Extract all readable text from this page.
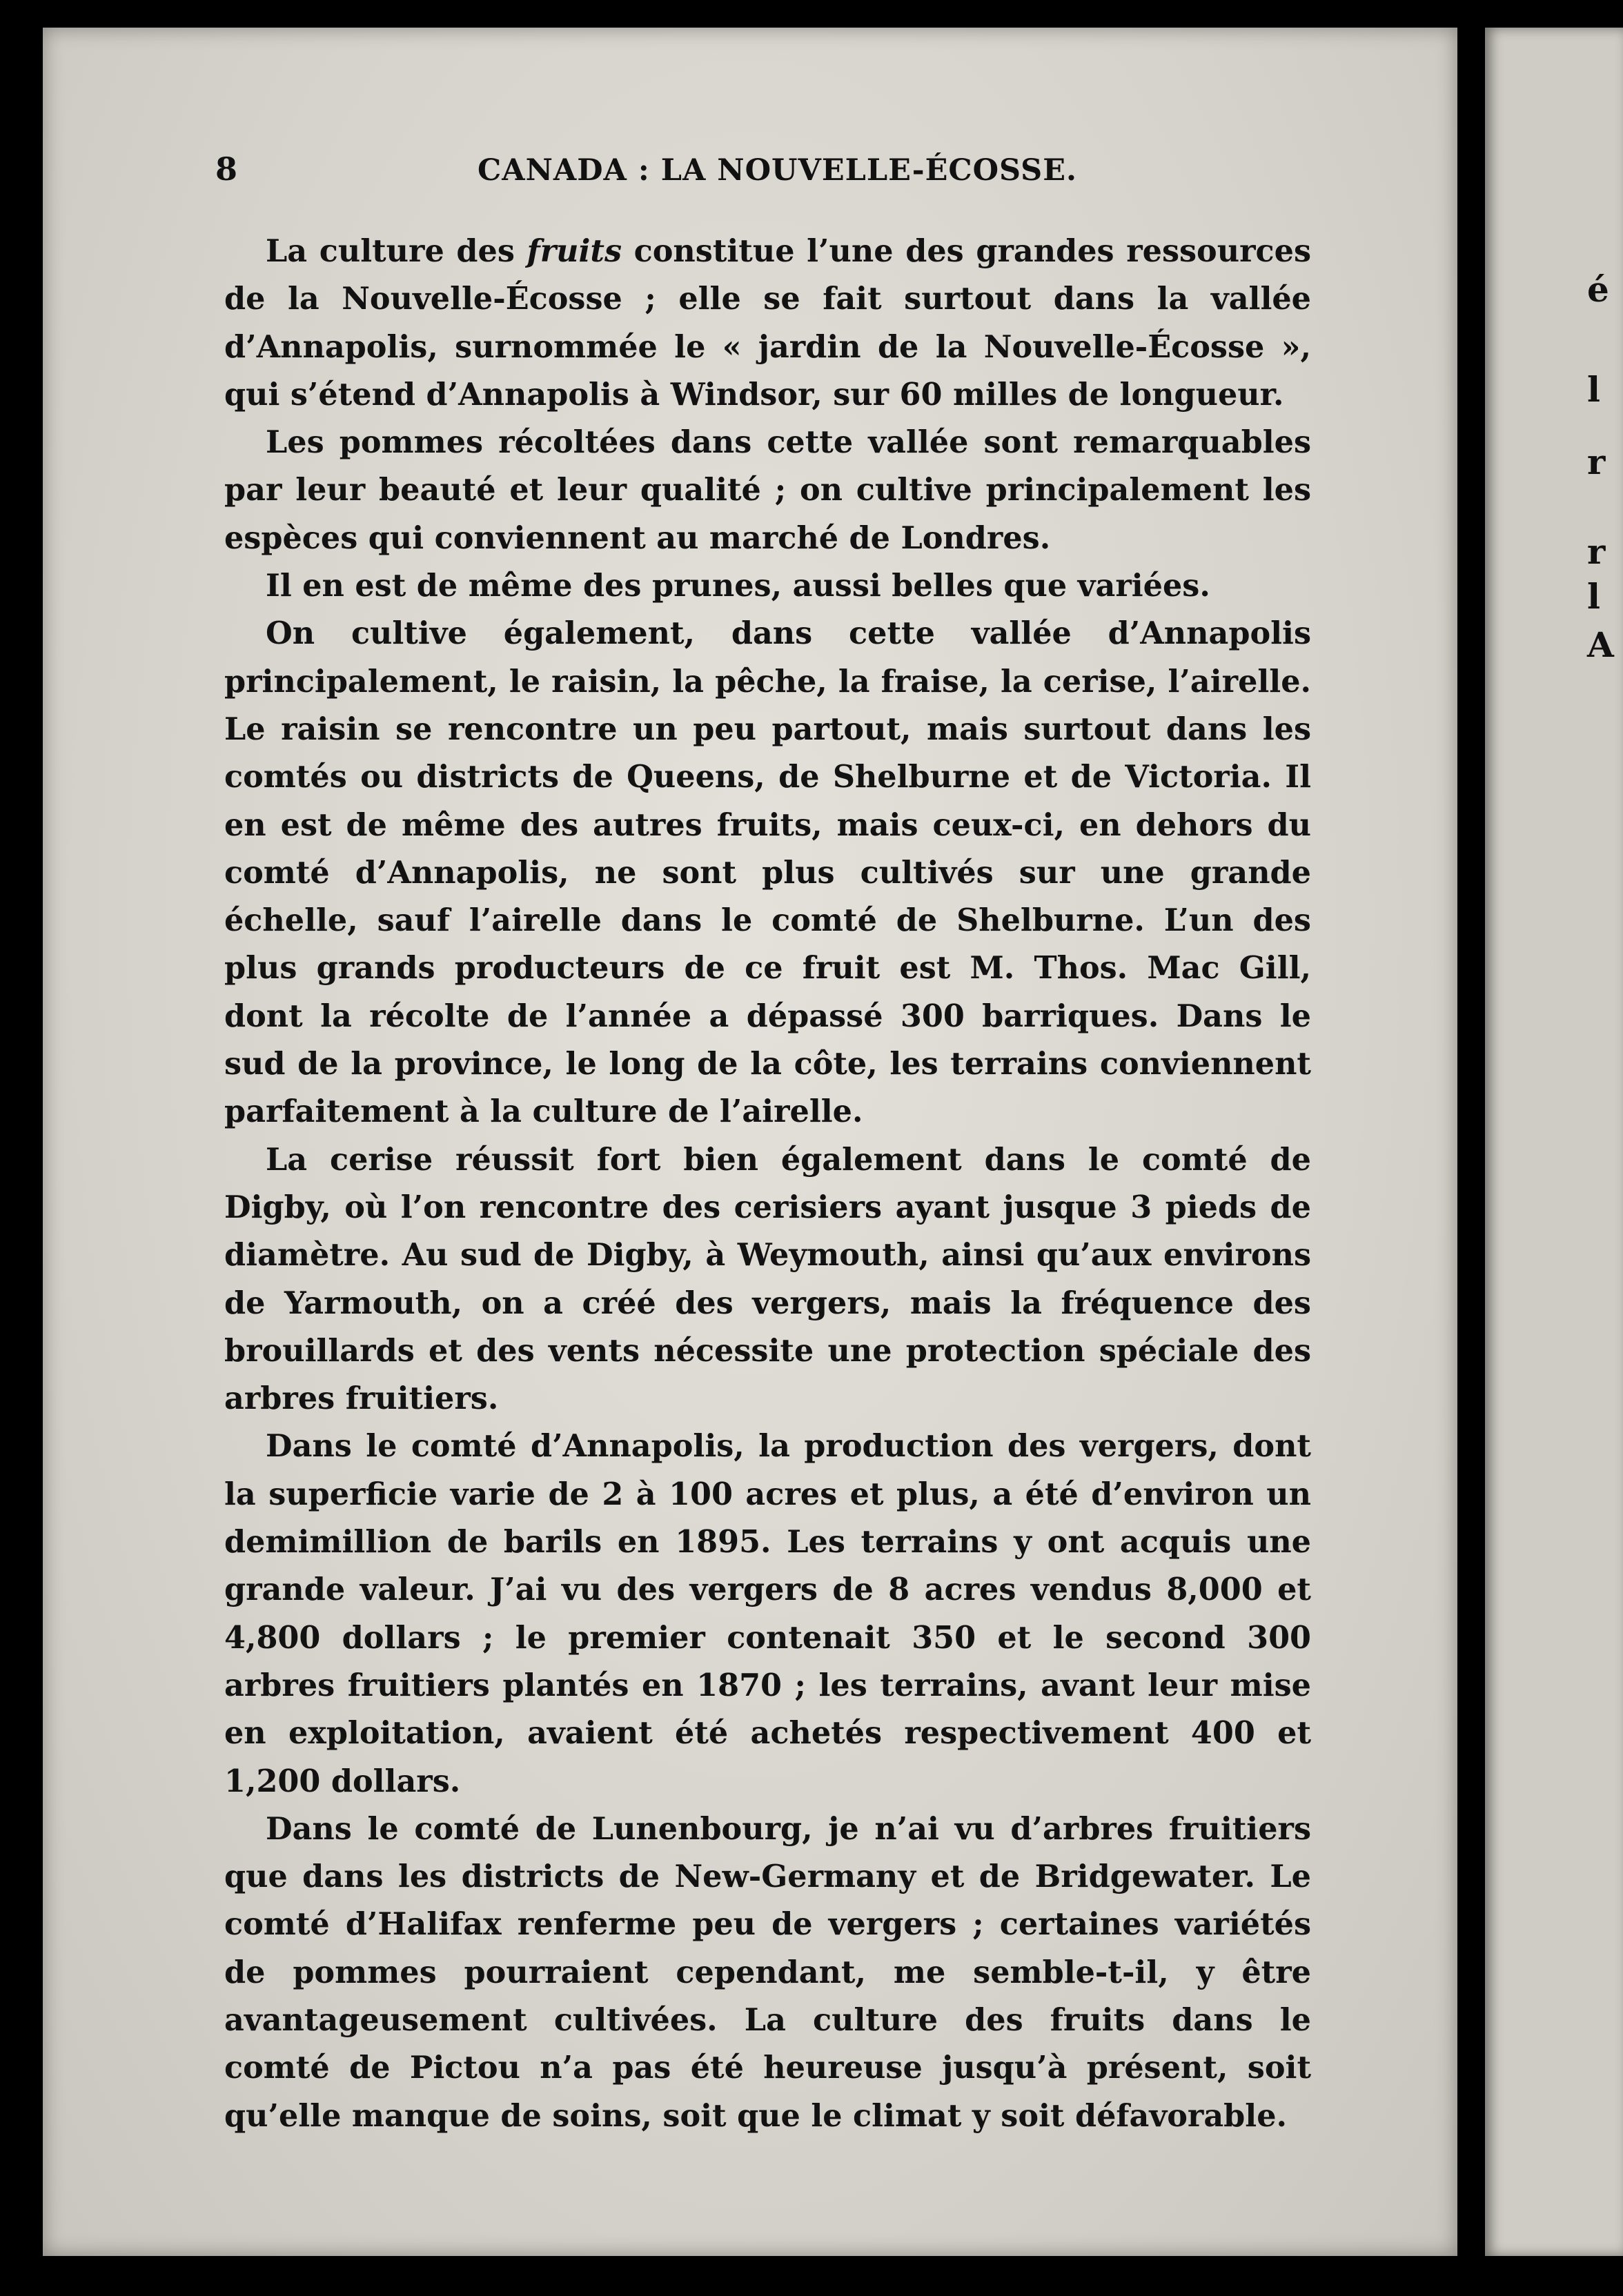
é
l
r
r
l
A
8	CANADA : LA NOUVELLE-ÉCOSSE.

La culture des fruits constitue l’une des grandes ressources de la Nouvelle-Écosse ; elle se fait surtout dans la vallée d’Annapolis, surnommée le « jardin de la Nouvelle-Écosse », qui s’étend d’Annapolis à Windsor, sur 60 milles de longueur.

Les pommes récoltées dans cette vallée sont remarquables par leur beauté et leur qualité ; on cultive principalement les espèces qui conviennent au marché de Londres.

Il en est de même des prunes, aussi belles que variées.

On cultive également, dans cette vallée d’Annapolis principalement, le raisin, la pêche, la fraise, la cerise, l’airelle. Le raisin se rencontre un peu partout, mais surtout dans les comtés ou districts de Queens, de Shelburne et de Victoria. Il en est de même des autres fruits, mais ceux-ci, en dehors du comté d’Annapolis, ne sont plus cultivés sur une grande échelle, sauf l’airelle dans le comté de Shelburne. L’un des plus grands producteurs de ce fruit est M. Thos. Mac Gill, dont la récolte de l’année a dépassé 300 barriques. Dans le sud de la province, le long de la côte, les terrains conviennent parfaitement à la culture de l’airelle.

La cerise réussit fort bien également dans le comté de Digby, où l’on rencontre des cerisiers ayant jusque 3 pieds de diamètre. Au sud de Digby, à Weymouth, ainsi qu’aux environs de Yarmouth, on a créé des vergers, mais la fréquence des brouillards et des vents nécessite une protection spéciale des arbres fruitiers.

Dans le comté d’Annapolis, la production des vergers, dont la superficie varie de 2 à 100 acres et plus, a été d’environ un demimillion de barils en 1895. Les terrains y ont acquis une grande valeur. J’ai vu des vergers de 8 acres vendus 8,000 et 4,800 dollars ; le premier contenait 350 et le second 300 arbres fruitiers plantés en 1870 ; les terrains, avant leur mise en exploitation, avaient été achetés respectivement 400 et 1,200 dollars.

Dans le comté de Lunenbourg, je n’ai vu d’arbres fruitiers que dans les districts de New-Germany et de Bridgewater. Le comté d’Halifax renferme peu de vergers ; certaines variétés de pommes pourraient cependant, me semble-t-il, y être avantageusement cultivées. La culture des fruits dans le comté de Pictou n’a pas été heureuse jusqu’à présent, soit qu’elle manque de soins, soit que le climat y soit défavorable.
